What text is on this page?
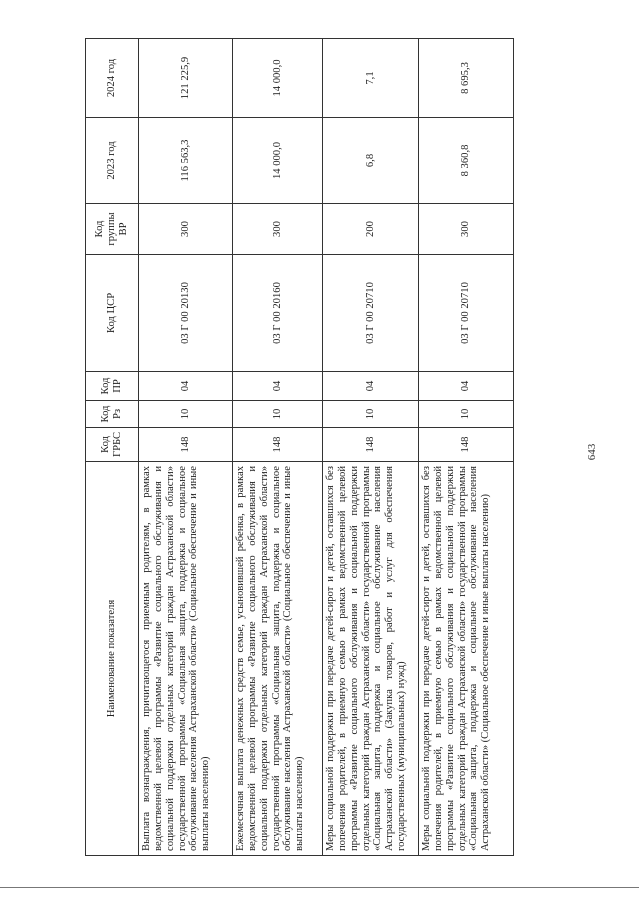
643
Наименование показателя	Код ГРБС	Код Рз	Код ПР	Код ЦСР	Код группы ВР	2023 год	2024 год
Выплата вознаграждения, причитающегося приемным родителям, в рамках ведомственной целевой программы «Развитие социального обслуживания и социальной поддержки отдельных категорий граждан Астраханской области» государственной программы «Социальная защита, поддержка и социальное обслуживание населения Астраханской области» (Социальное обеспечение и иные выплаты населению)	148	10	04	03 Г 00 20130	300	116 563,3	121 225,9
Ежемесячная выплата денежных средств семье, усыновившей ребенка, в рамках ведомственной целевой программы «Развитие социального обслуживания и социальной поддержки отдельных категорий граждан Астраханской области» государственной программы «Социальная защита, поддержка и социальное обслуживание населения Астраханской области» (Социальное обеспечение и иные выплаты населению)	148	10	04	03 Г 00 20160	300	14 000,0	14 000,0
Меры социальной поддержки при передаче детей-сирот и детей, оставшихся без попечения родителей, в приемную семью в рамках ведомственной целевой программы «Развитие социального обслуживания и социальной поддержки отдельных категорий граждан Астраханской области» государственной программы «Социальная защита, поддержка и социальное обслуживание населения Астраханской области» (Закупка товаров, работ и услуг для обеспечения государственных (муниципальных) нужд)	148	10	04	03 Г 00 20710	200	6,8	7,1
Меры социальной поддержки при передаче детей-сирот и детей, оставшихся без попечения родителей, в приемную семью в рамках ведомственной целевой программы «Развитие социального обслуживания и социальной поддержки отдельных категорий граждан Астраханской области» государственной программы «Социальная защита, поддержка и социальное обслуживание населения Астраханской области» (Социальное обеспечение и иные выплаты населению)	148	10	04	03 Г 00 20710	300	8 360,8	8 695,3
